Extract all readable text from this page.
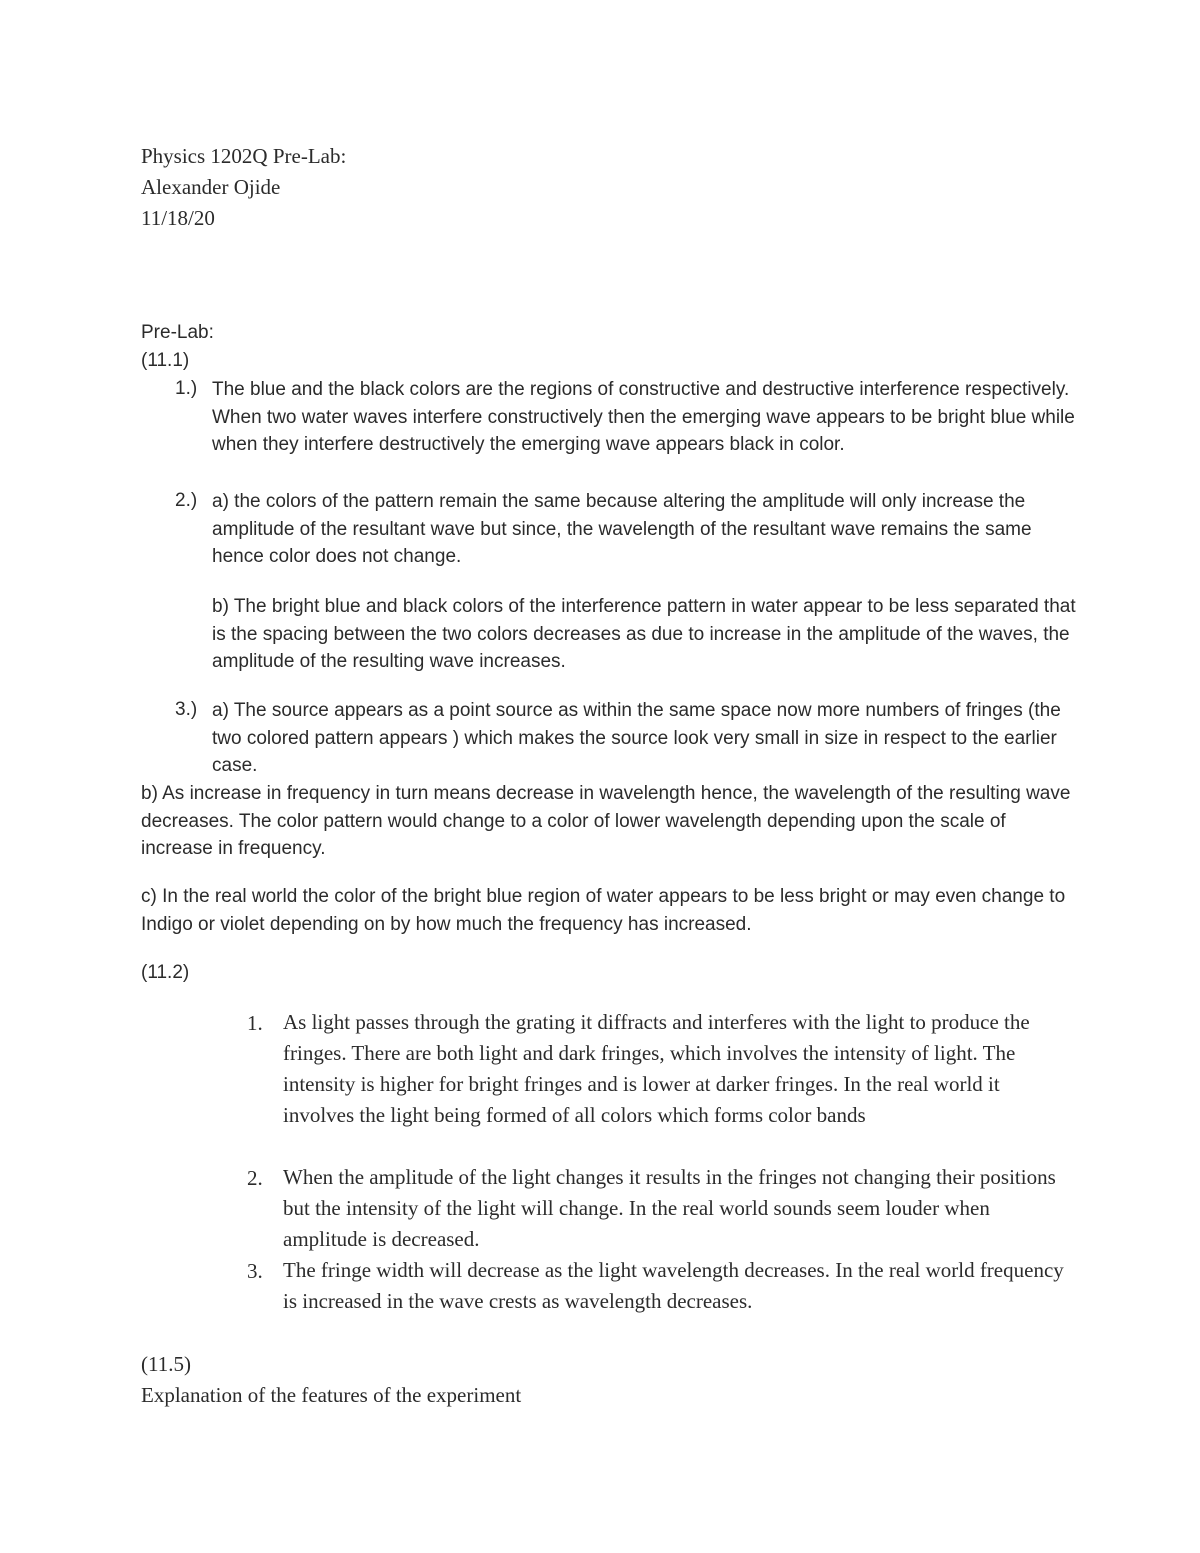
Physics 1202Q Pre-Lab:

Alexander Ojide

11/18/20

Pre-Lab:

(11.1)

1.) The blue and the black colors are the regions of constructive and destructive interference respectively. When two water waves interfere constructively then the emerging wave appears to be bright blue while when they interfere destructively the emerging wave appears black in color.

2.) a) the colors of the pattern remain the same because altering the amplitude will only increase the amplitude of the resultant wave but since, the wavelength of the resultant wave remains the same hence color does not change.

b) The bright blue and black colors of the interference pattern in water appear to be less separated that is the spacing between the two colors decreases as due to increase in the amplitude of the waves, the amplitude of the resulting wave increases.

3.) a) The source appears as a point source as within the same space now more numbers of fringes (the two colored pattern appears ) which makes the source look very small in size in respect to the earlier case.

b) As increase in frequency in turn means decrease in wavelength hence, the wavelength of the resulting wave decreases. The color pattern would change to a color of lower wavelength depending upon the scale of increase in frequency.

c) In the real world the color of the bright blue region of water appears to be less bright or may even change to Indigo or violet depending on by how much the frequency has increased.

(11.2)

1. As light passes through the grating it diffracts and interferes with the light to produce the fringes. There are both light and dark fringes, which involves the intensity of light. The intensity is higher for bright fringes and is lower at darker fringes. In the real world it involves the light being formed of all colors which forms color bands

2. When the amplitude of the light changes it results in the fringes not changing their positions but the intensity of the light will change. In the real world sounds seem louder when amplitude is decreased.

3. The fringe width will decrease as the light wavelength decreases. In the real world frequency is increased in the wave crests as wavelength decreases.

(11.5)

Explanation of the features of the experiment
